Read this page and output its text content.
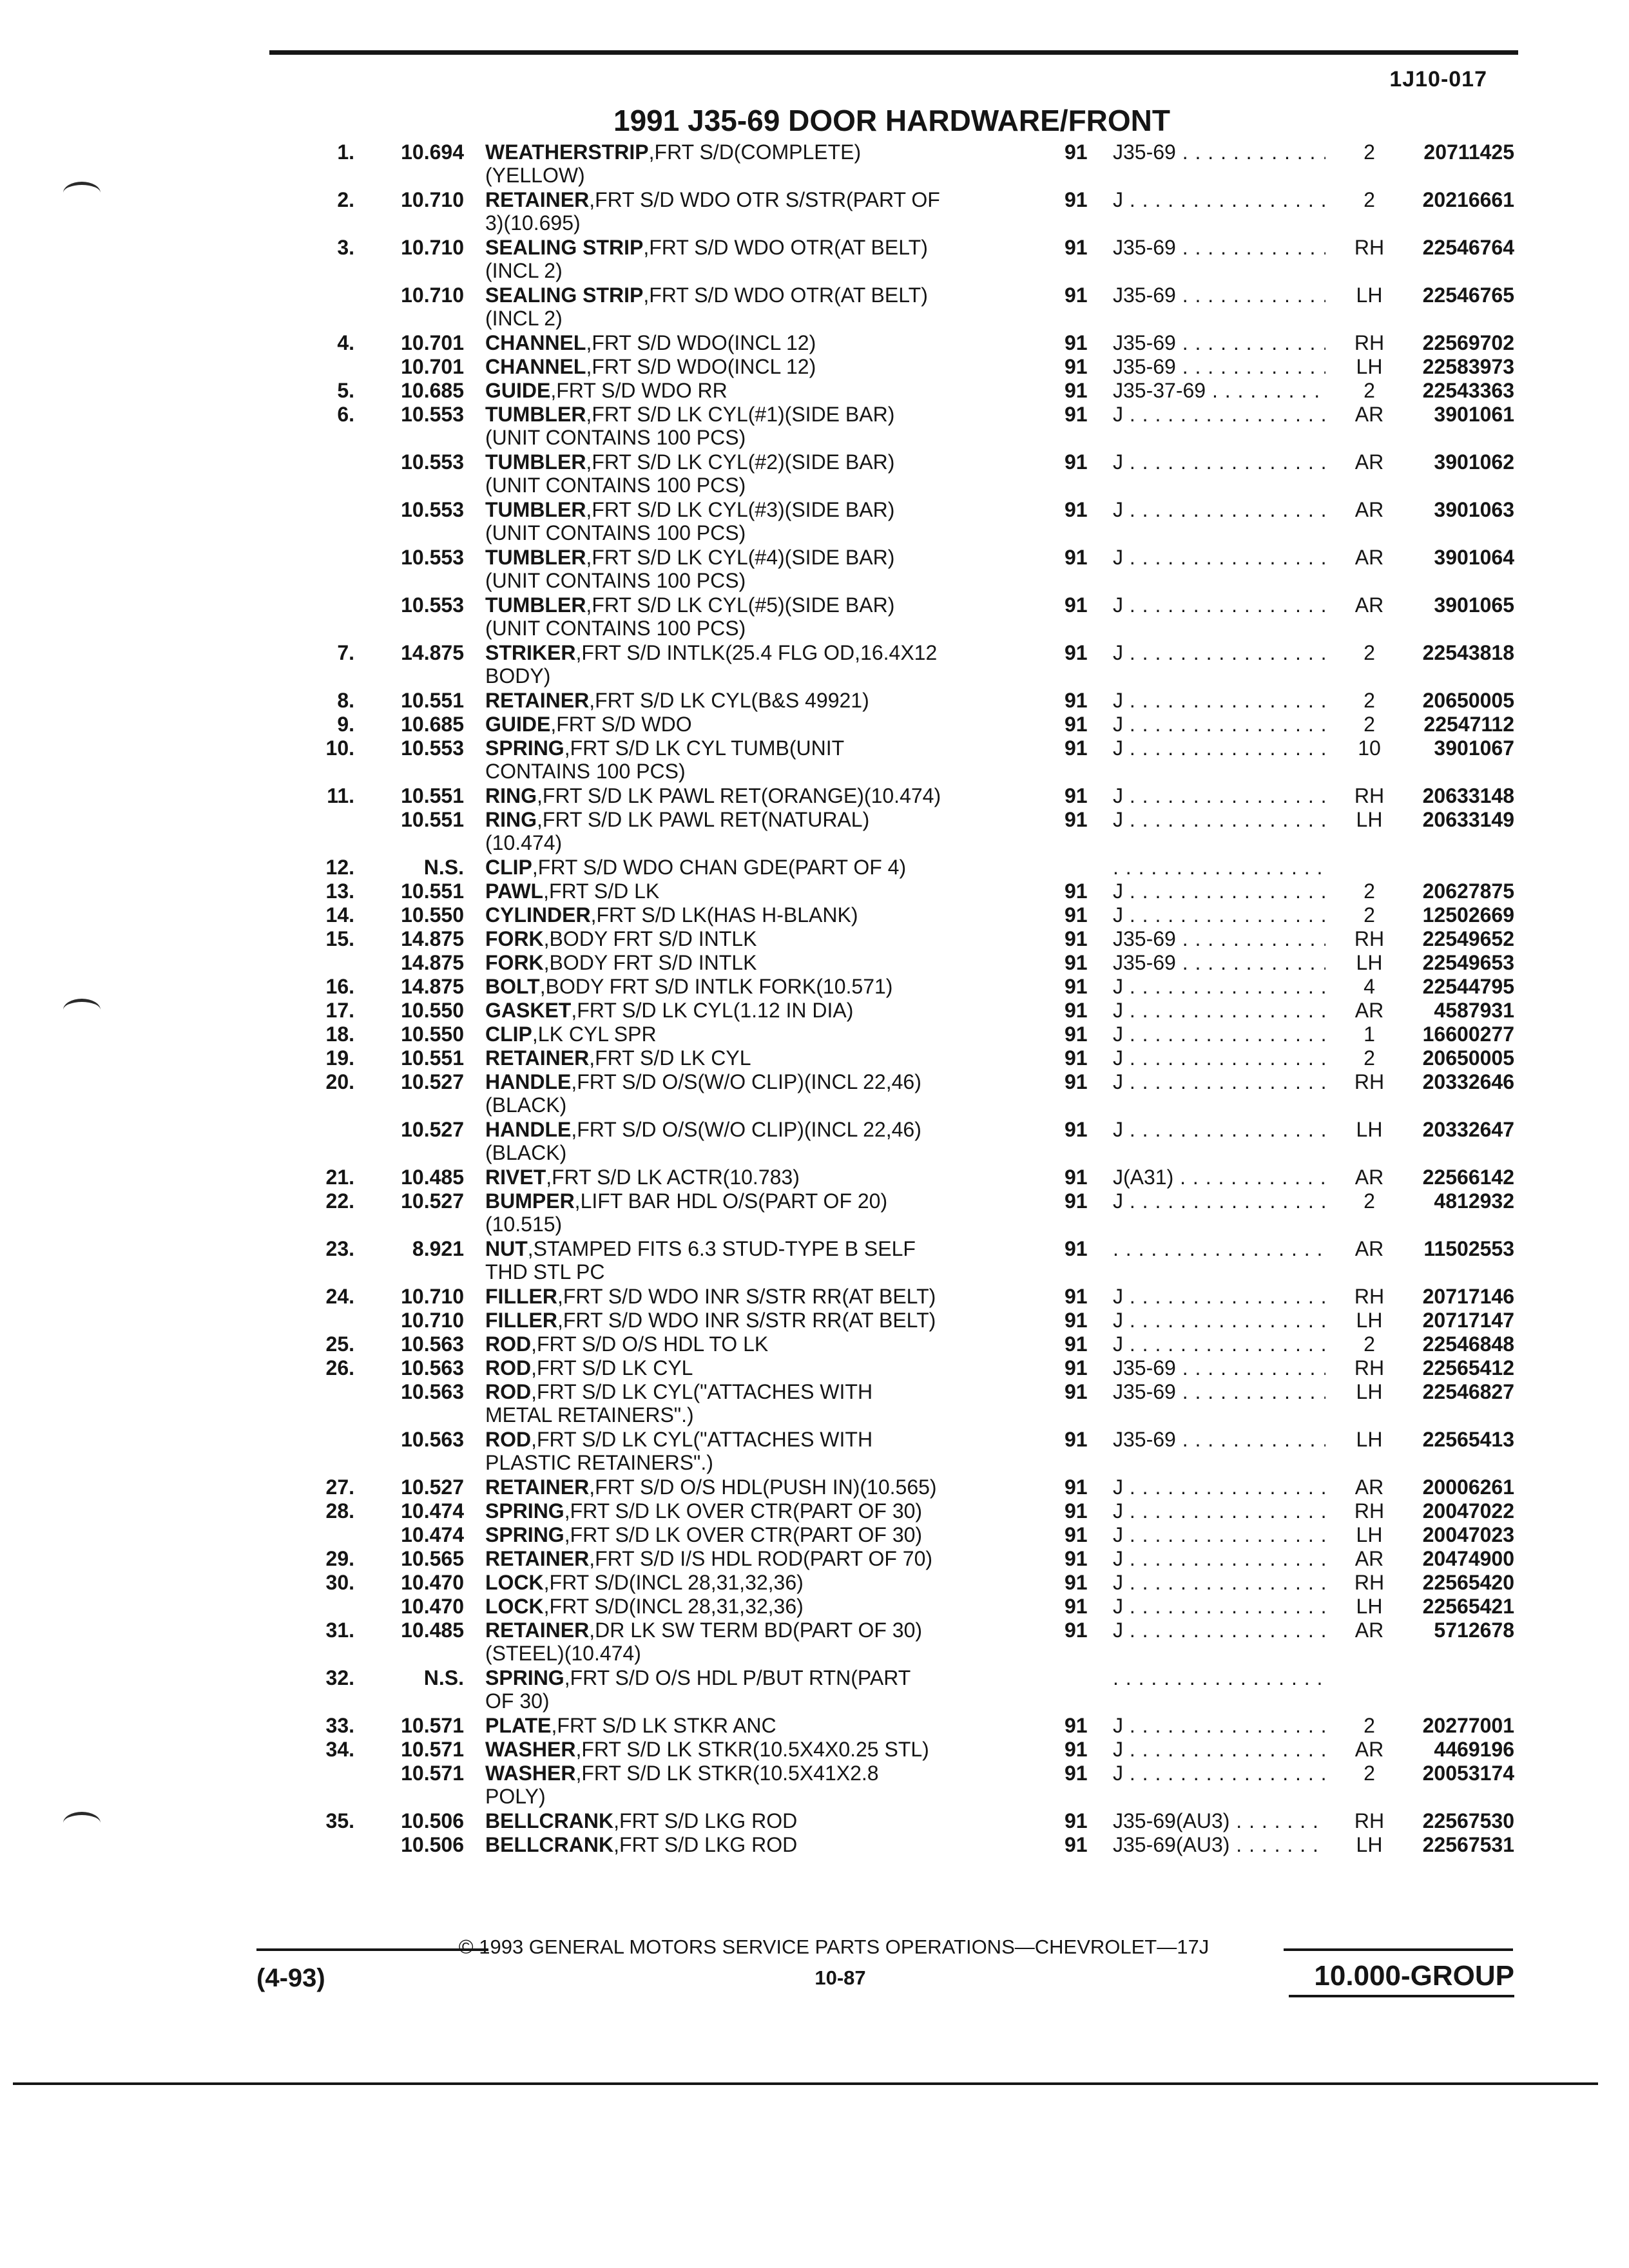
1J10-017
1991 J35-69 DOOR HARDWARE/FRONT
1.	10.694 WEATHERSTRIP,FRT S/D(COMPLETE)
(YELLOW)
91 J35-69 . . .	2	20711425
2.	10.710 RETAINER,FRT S/D WDO OTR S/STR(PART OF
3)(10.695)
91 J . . .	2	20216661
3.	10.710 SEALING STRIP,FRT S/D WDO OTR(AT BELT)
(INCL 2)
91 J35-69 . . .	RH	22546764
10.710 SEALING STRIP,FRT S/D WDO OTR(AT BELT)
(INCL 2)
91 J35-69 . . .	LH	22546765
4.	10.701 CHANNEL,FRT S/D WDO(INCL 12)	91 J35-69 . . .	RH	22569702
10.701 CHANNEL,FRT S/D WDO(INCL 12)	91 J35-69 . . .	LH	22583973
5.	10.685 GUIDE,FRT S/D WDO RR	91 J35-37-69 . . .	2	22543363
6.	10.553 TUMBLER,FRT S/D LK CYL(#1)(SIDE BAR)
(UNIT CONTAINS 100 PCS)
91 J . . .	AR	3901061
10.553 TUMBLER,FRT S/D LK CYL(#2)(SIDE BAR)
(UNIT CONTAINS 100 PCS)
91 J . . .	AR	3901062
10.553 TUMBLER,FRT S/D LK CYL(#3)(SIDE BAR)
(UNIT CONTAINS 100 PCS)
91 J . . .	AR	3901063
10.553 TUMBLER,FRT S/D LK CYL(#4)(SIDE BAR)
(UNIT CONTAINS 100 PCS)
91 J . . .	AR	3901064
10.553 TUMBLER,FRT S/D LK CYL(#5)(SIDE BAR)
(UNIT CONTAINS 100 PCS)
91 J . . .	AR	3901065
7.	14.875 STRIKER,FRT S/D INTLK(25.4 FLG OD,16.4X12
BODY)
91 J . . .	2	22543818
8.	10.551 RETAINER,FRT S/D LK CYL(B&S 49921)	91 J . . .	2	20650005
9.	10.685 GUIDE,FRT S/D WDO	91 J . . .	2	22547112
10.	10.553 SPRING,FRT S/D LK CYL TUMB(UNIT
CONTAINS 100 PCS)
91 J . . .	10	3901067
11.	10.551 RING,FRT S/D LK PAWL RET(ORANGE)(10.474)	91 J . . .	RH	20633148
10.551 RING,FRT S/D LK PAWL RET(NATURAL)
(10.474)
91 J . . .	LH	20633149
12.	N.S. CLIP,FRT S/D WDO CHAN GDE(PART OF 4)
. . .
13.	10.551 PAWL,FRT S/D LK	91 J . . .	2	20627875
14.	10.550 CYLINDER,FRT S/D LK(HAS H-BLANK)	91 J . . .	2	12502669
15.	14.875 FORK,BODY FRT S/D INTLK	91 J35-69 . . .	RH	22549652
14.875 FORK,BODY FRT S/D INTLK	91 J35-69 . . .	LH	22549653
16.	14.875 BOLT,BODY FRT S/D INTLK FORK(10.571)	91 J . . .	4	22544795
17.	10.550 GASKET,FRT S/D LK CYL(1.12 IN DIA)	91 J . . .	AR	4587931
18.	10.550 CLIP,LK CYL SPR	91 J . . .	1	16600277
19.	10.551 RETAINER,FRT S/D LK CYL	91 J . . .	2	20650005
20.	10.527 HANDLE,FRT S/D O/S(W/O CLIP)(INCL 22,46)
(BLACK)
91 J . . .	RH	20332646
10.527 HANDLE,FRT S/D O/S(W/O CLIP)(INCL 22,46)
(BLACK)
91 J . . .	LH	20332647
21.	10.485 RIVET,FRT S/D LK ACTR(10.783)	91 J(A31) . . .	AR	22566142
22.	10.527 BUMPER,LIFT BAR HDL O/S(PART OF 20)
(10.515)
91 J . . .	2	4812932
23.	8.921 NUT,STAMPED FITS 6.3 STUD-TYPE B SELF
THD STL PC
91
. . .	AR	11502553
24.	10.710 FILLER,FRT S/D WDO INR S/STR RR(AT BELT)	91 J . . .	RH	20717146
10.710 FILLER,FRT S/D WDO INR S/STR RR(AT BELT)	91 J . . .	LH	20717147
25.	10.563 ROD,FRT S/D O/S HDL TO LK	91 J . . .	2	22546848
26.	10.563 ROD,FRT S/D LK CYL	91 J35-69 . . .	RH	22565412
10.563 ROD,FRT S/D LK CYL("ATTACHES WITH
METAL RETAINERS".)
91 J35-69 . . .	LH	22546827
10.563 ROD,FRT S/D LK CYL("ATTACHES WITH
PLASTIC RETAINERS".)
91 J35-69 . . .	LH	22565413
27.	10.527 RETAINER,FRT S/D O/S HDL(PUSH IN)(10.565)	91 J . . .	AR	20006261
28.	10.474 SPRING,FRT S/D LK OVER CTR(PART OF 30)	91 J . . .	RH	20047022
10.474 SPRING,FRT S/D LK OVER CTR(PART OF 30)	91 J . . .	LH	20047023
29.	10.565 RETAINER,FRT S/D I/S HDL ROD(PART OF 70)	91 J . . .	AR	20474900
30.	10.470 LOCK,FRT S/D(INCL 28,31,32,36)	91 J . . .	RH	22565420
10.470 LOCK,FRT S/D(INCL 28,31,32,36)	91 J . . .	LH	22565421
31.	10.485 RETAINER,DR LK SW TERM BD(PART OF 30)
(STEEL)(10.474)
91 J . . .	AR	5712678
32.	N.S. SPRING,FRT S/D O/S HDL P/BUT RTN(PART
OF 30)
. . .
33.	10.571 PLATE,FRT S/D LK STKR ANC	91 J . . .	2	20277001
34.	10.571 WASHER,FRT S/D LK STKR(10.5X4X0.25 STL)	91 J . . .	AR	4469196
10.571 WASHER,FRT S/D LK STKR(10.5X41X2.8
POLY)
91 J . . .	2	20053174
35.	10.506 BELLCRANK,FRT S/D LKG ROD	91 J35-69(AU3) . . .	RH	22567530
10.506 BELLCRANK,FRT S/D LKG ROD	91 J35-69(AU3) . . .	LH	22567531
© 1993 GENERAL MOTORS SERVICE PARTS OPERATIONS—CHEVROLET—17J
(4-93)	10-87	10.000-GROUP
